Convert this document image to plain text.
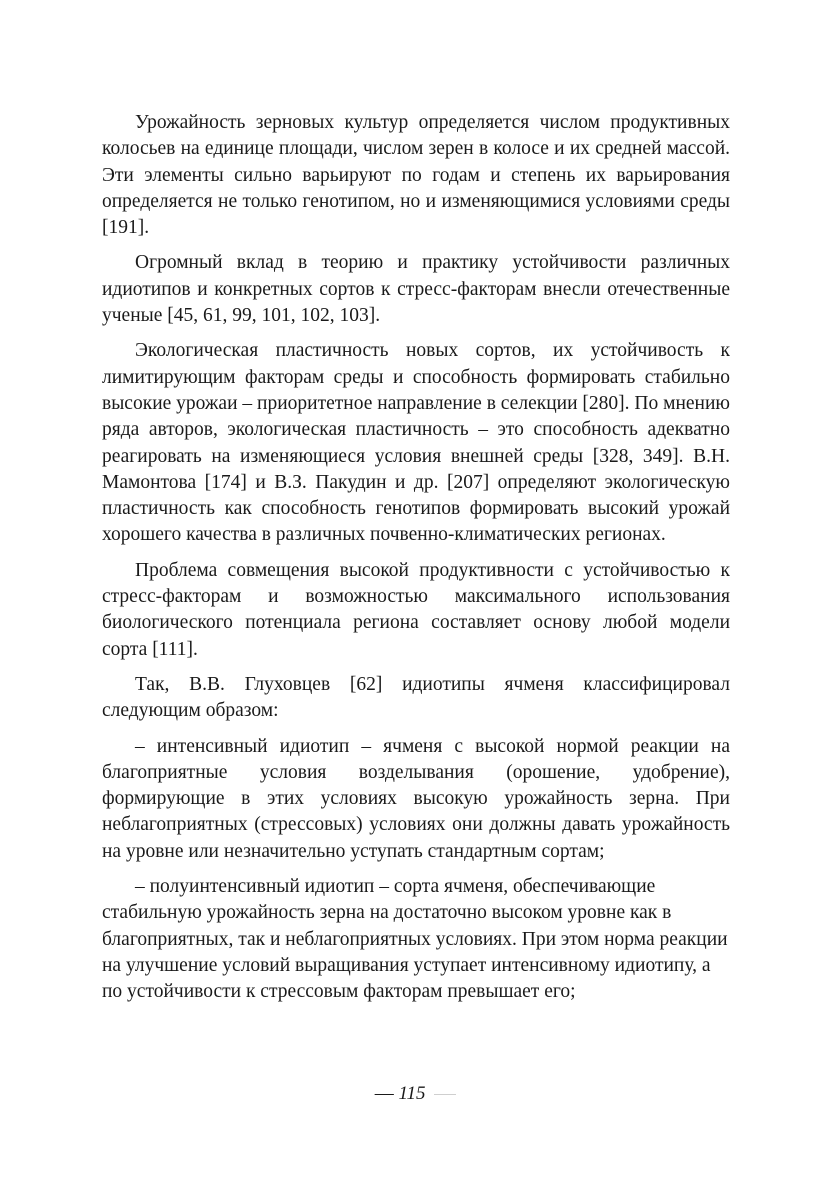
Урожайность зерновых культур определяется числом продуктивных колосьев на единице площади, числом зерен в колосе и их средней массой. Эти элементы сильно варьируют по годам и степень их варьирования определяется не только генотипом, но и изменяющимися условиями среды [191].

Огромный вклад в теорию и практику устойчивости различных идиотипов и конкретных сортов к стресс-факторам внесли отечественные ученые [45, 61, 99, 101, 102, 103].

Экологическая пластичность новых сортов, их устойчивость к лимитирующим факторам среды и способность формировать стабильно высокие урожаи – приоритетное направление в селекции [280]. По мнению ряда авторов, экологическая пластичность – это способность адекватно реагировать на изменяющиеся условия внешней среды [328, 349]. В.Н. Мамонтова [174] и В.З. Пакудин и др. [207] определяют экологическую пластичность как способность генотипов формировать высокий урожай хорошего качества в различных почвенно-климатических регионах.

Проблема совмещения высокой продуктивности с устойчивостью к стресс-факторам и возможностью максимального использования биологического потенциала региона составляет основу любой модели сорта [111].

Так, В.В. Глуховцев [62] идиотипы ячменя классифицировал следующим образом:

– интенсивный идиотип – ячменя с высокой нормой реакции на благоприятные условия возделывания (орошение, удобрение), формирующие в этих условиях высокую урожайность зерна. При неблагоприятных (стрессовых) условиях они должны давать урожайность на уровне или незначительно уступать стандартным сортам;

– полуинтенсивный идиотип – сорта ячменя, обеспечивающие стабильную урожайность зерна на достаточно высоком уровне как в благоприятных, так и неблагоприятных условиях. При этом норма реакции на улучшение условий выращивания уступает интенсивному идиотипу, а по устойчивости к стрессовым факторам превышает его;

— 115
